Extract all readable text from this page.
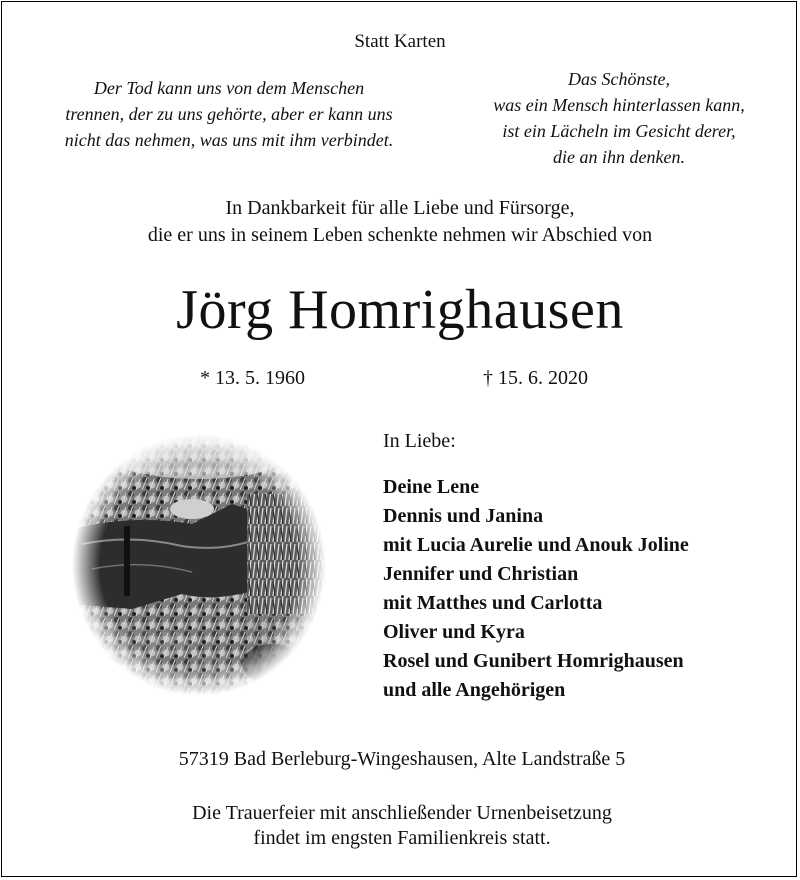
Statt Karten
Der Tod kann uns von dem Menschen
trennen, der zu uns gehörte, aber er kann uns
nicht das nehmen, was uns mit ihm verbindet.
Das Schönste,
was ein Mensch hinterlassen kann,
ist ein Lächeln im Gesicht derer,
die an ihn denken.
In Dankbarkeit für alle Liebe und Fürsorge,
die er uns in seinem Leben schenkte nehmen wir Abschied von
Jörg Homrighausen
* 13. 5. 1960	† 15. 6. 2020
In Liebe:
Deine Lene
Dennis und Janina
mit Lucia Aurelie und Anouk Joline
Jennifer und Christian
mit Matthes und Carlotta
Oliver und Kyra
Rosel und Gunibert Homrighausen
und alle Angehörigen
57319 Bad Berleburg-Wingeshausen, Alte Landstraße 5
Die Trauerfeier mit anschließender Urnenbeisetzung
findet im engsten Familienkreis statt.
